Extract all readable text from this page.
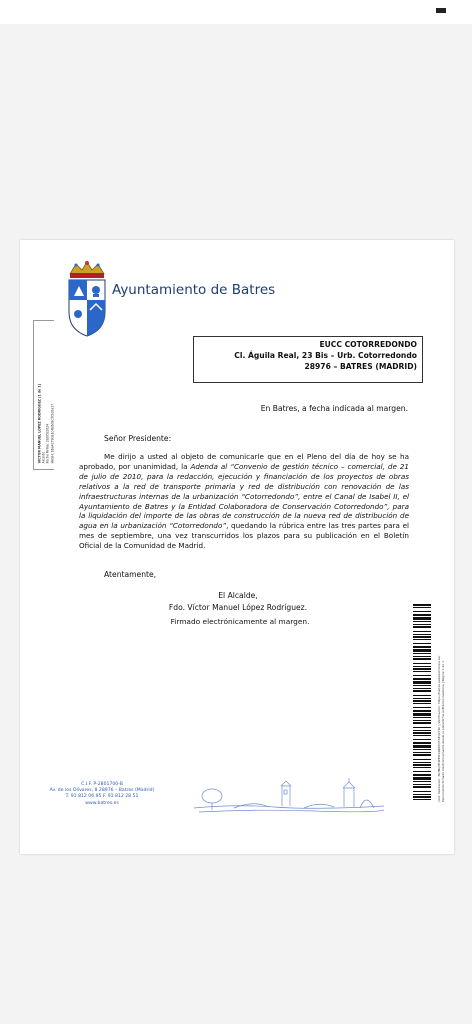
Ayuntamiento de Batres
VICTOR MANUEL LOPEZ RODRIGUEZ (1 de 1) Alcalde Fecha Firma: 28/05/2024 HASH: 8ba4c79da1c4b6d8c3f2e9a17
EUCC COTORREDONDO
Cl. Águila Real, 23 Bis – Urb. Cotorredondo
28976 – BATRES (MADRID)
En Batres, a fecha indicada al margen.
Señor Presidente:
Me dirijo a usted al objeto de comunicarle que en el Pleno del día de hoy se ha aprobado, por unanimidad, la Adenda al “Convenio de gestión técnico – comercial, de 21 de julio de 2010, para la redacción, ejecución y financiación de los proyectos de obras relativos a la red de transporte primaria y red de distribución con renovación de las infraestructuras internas de la urbanización “Cotorredondo”, entre el Canal de Isabel II, el Ayuntamiento de Batres y la Entidad Colaboradora de Conservación Cotorredondo”, para la liquidación del importe de las obras de construcción de la nueva red de distribución de agua en la urbanización “Cotorredondo”, quedando la rúbrica entre las tres partes para el mes de septiembre, una vez transcurridos los plazos para su publicación en el Boletín Oficial de la Comunidad de Madrid.
Atentamente,
El Alcalde,
Fdo. Víctor Manuel López Rodríguez.
Firmado electrónicamente al margen.
Cód. Validación: 3K7NQTE4HH7A9R6TQ5XFQ2Y9C | Verificación: https://batres.sedelectronica.es/ Documento firmado electrónicamente desde la plataforma esPublico Gestiona | Página 1 de 1
C.I.F. P-2801700-B
Av. de los Olivares, 8 28976 – Batres (Madrid)
T. 91 812 06 95 F. 91 812 28 51
www.batres.es
